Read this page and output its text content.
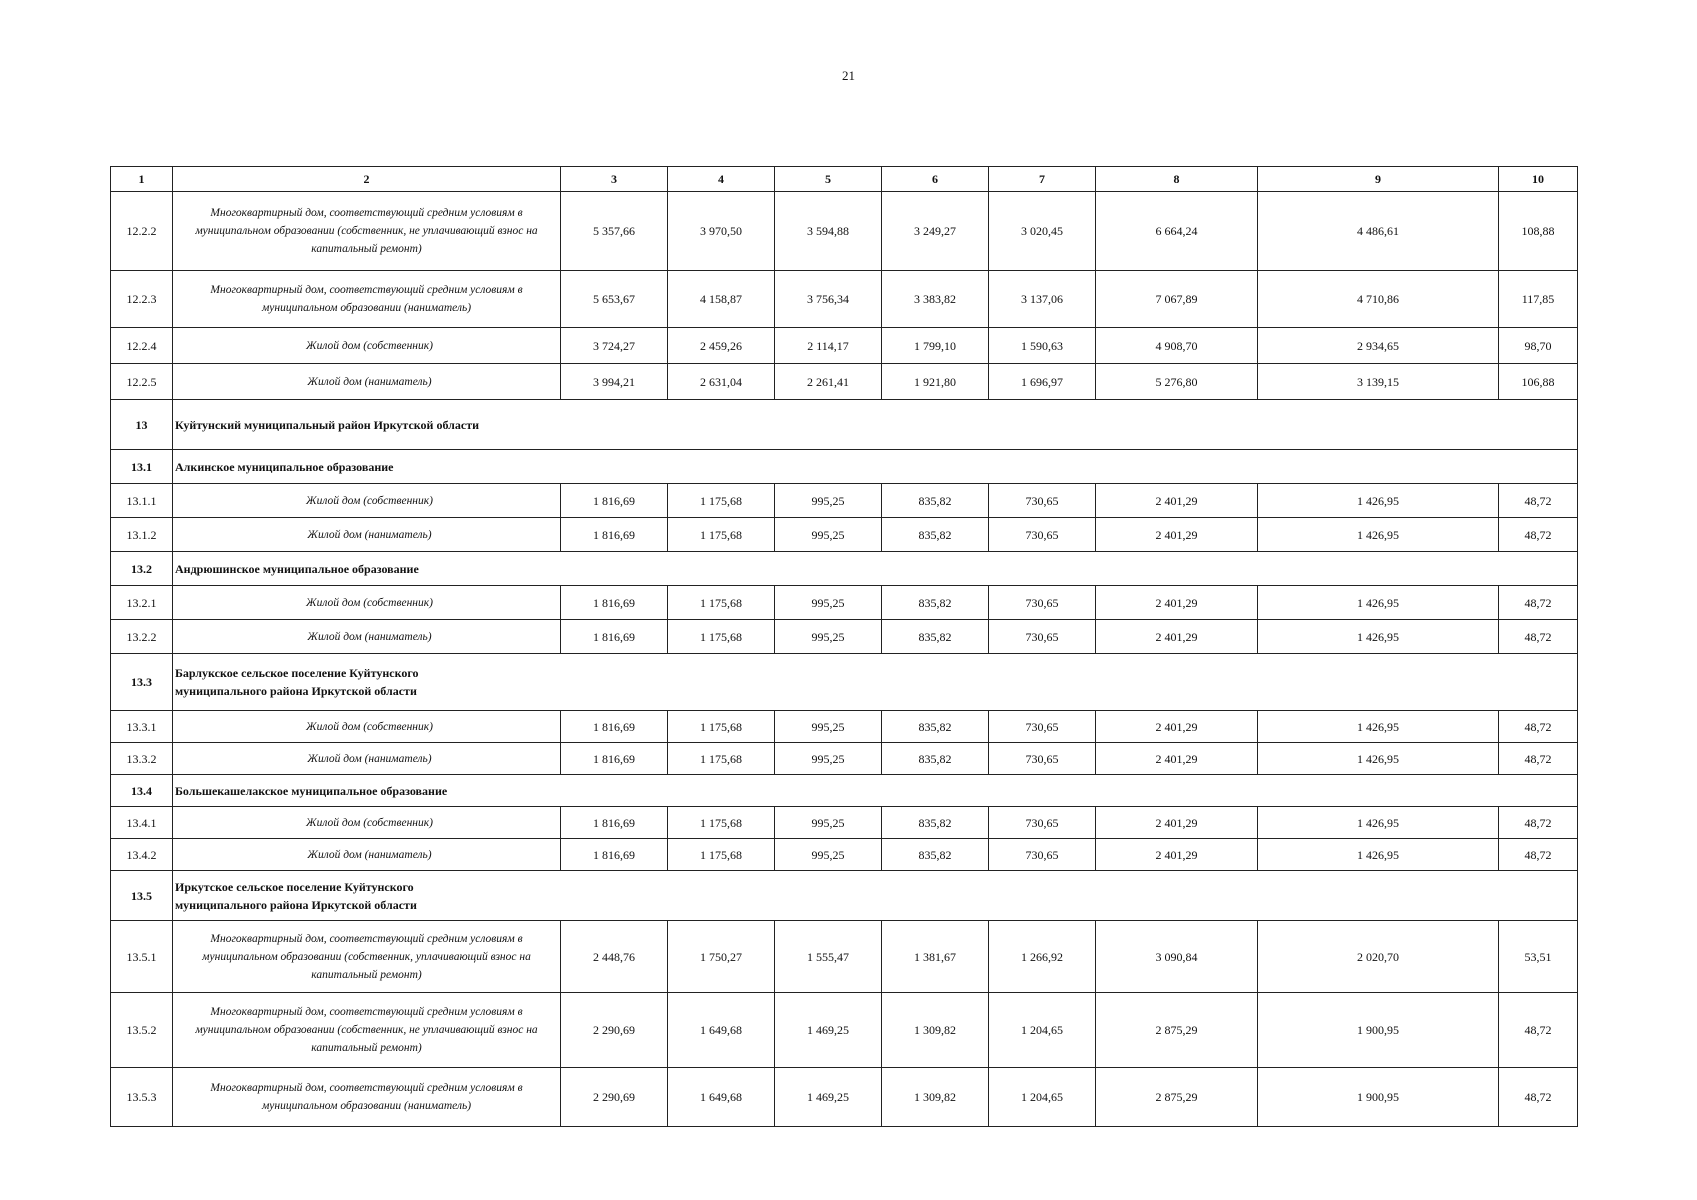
21
1	2	3	4	5	6	7	8	9	10
12.2.2	Многоквартирный дом, соответствующий средним условиям в муниципальном образовании (собственник, не уплачивающий взнос на капитальный ремонт)	5 357,66	3 970,50	3 594,88	3 249,27	3 020,45	6 664,24	4 486,61	108,88
12.2.3	Многоквартирный дом, соответствующий средним условиям в муниципальном образовании (наниматель)	5 653,67	4 158,87	3 756,34	3 383,82	3 137,06	7 067,89	4 710,86	117,85
12.2.4	Жилой дом (собственник)	3 724,27	2 459,26	2 114,17	1 799,10	1 590,63	4 908,70	2 934,65	98,70
12.2.5	Жилой дом (наниматель)	3 994,21	2 631,04	2 261,41	1 921,80	1 696,97	5 276,80	3 139,15	106,88
13	Куйтунский муниципальный район Иркутской области								
13.1	Алкинское муниципальное образование								
13.1.1	Жилой дом (собственник)	1 816,69	1 175,68	995,25	835,82	730,65	2 401,29	1 426,95	48,72
13.1.2	Жилой дом (наниматель)	1 816,69	1 175,68	995,25	835,82	730,65	2 401,29	1 426,95	48,72
13.2	Андрюшинское муниципальное образование								
13.2.1	Жилой дом (собственник)	1 816,69	1 175,68	995,25	835,82	730,65	2 401,29	1 426,95	48,72
13.2.2	Жилой дом (наниматель)	1 816,69	1 175,68	995,25	835,82	730,65	2 401,29	1 426,95	48,72
13.3	Барлукское сельское поселение Куйтунского муниципального района Иркутской области								

13.3.1	Жилой дом (собственник)	1 816,69	1 175,68	995,25	835,82	730,65	2 401,29	1 426,95	48,72
13.3.2	Жилой дом (наниматель)	1 816,69	1 175,68	995,25	835,82	730,65	2 401,29	1 426,95	48,72
13.4	Большекашелакское муниципальное образование								
13.4.1	Жилой дом (собственник)	1 816,69	1 175,68	995,25	835,82	730,65	2 401,29	1 426,95	48,72
13.4.2	Жилой дом (наниматель)	1 816,69	1 175,68	995,25	835,82	730,65	2 401,29	1 426,95	48,72
13.5	Иркутское сельское поселение Куйтунского муниципального района Иркутской области								

13.5.1	Многоквартирный дом, соответствующий средним условиям в муниципальном образовании (собственник, уплачивающий взнос на капитальный ремонт)	2 448,76	1 750,27	1 555,47	1 381,67	1 266,92	3 090,84	2 020,70	53,51
13.5.2	Многоквартирный дом, соответствующий средним условиям в муниципальном образовании (собственник, не уплачивающий взнос на капитальный ремонт)	2 290,69	1 649,68	1 469,25	1 309,82	1 204,65	2 875,29	1 900,95	48,72
13.5.3	Многоквартирный дом, соответствующий средним условиям в муниципальном образовании (наниматель)	2 290,69	1 649,68	1 469,25	1 309,82	1 204,65	2 875,29	1 900,95	48,72
